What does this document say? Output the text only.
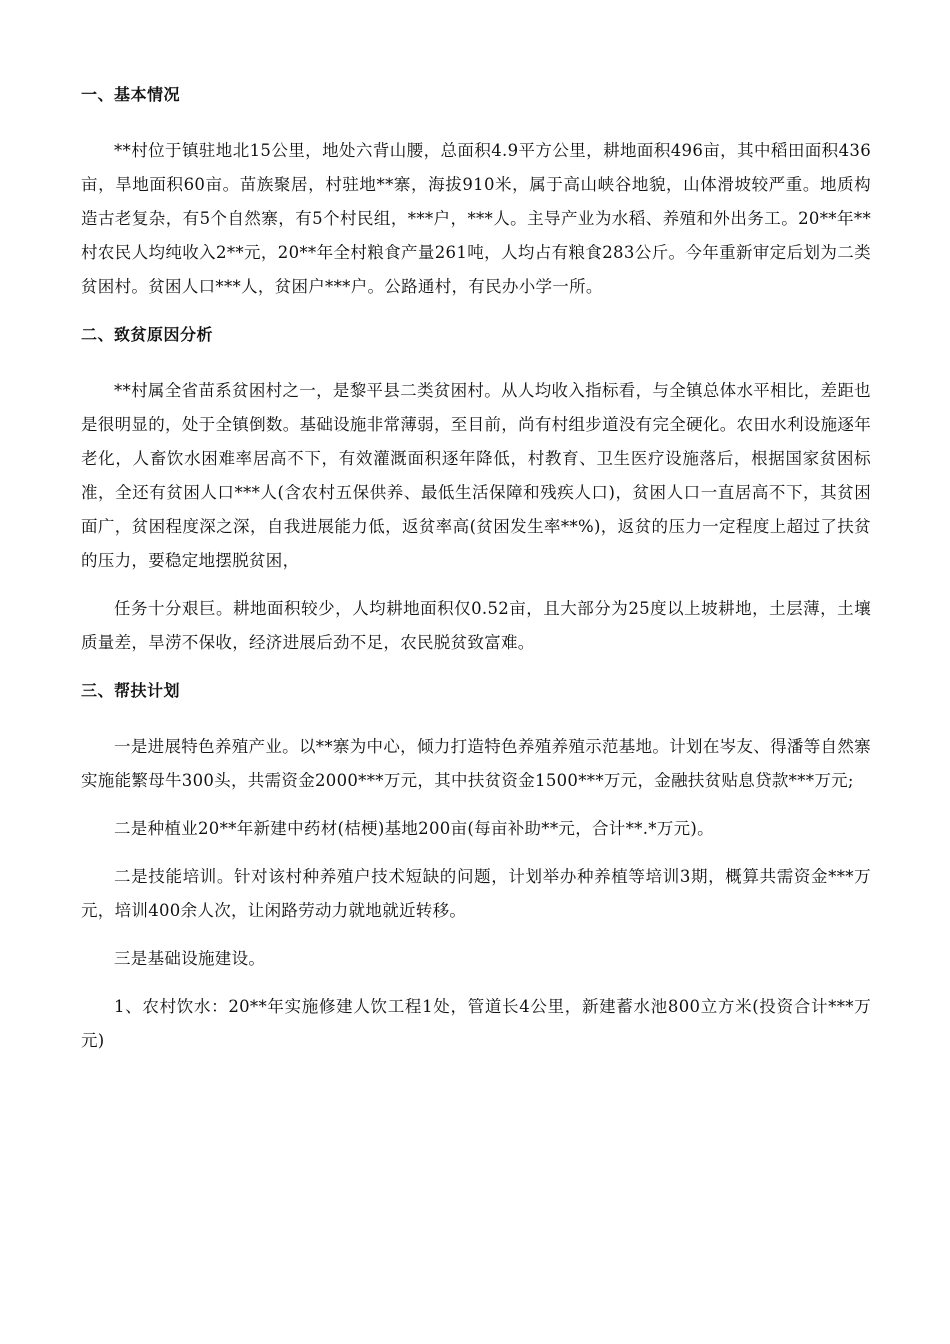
一、基本情况

**村位于镇驻地北15公里，地处六背山腰，总面积4.9平方公里，耕地面积496亩，其中稻田面积436亩，旱地面积60亩。苗族聚居，村驻地**寨，海拔910米，属于高山峡谷地貌，山体滑坡较严重。地质构造古老复杂，有5个自然寨，有5个村民组，***户，***人。主导产业为水稻、养殖和外出务工。20**年**村农民人均纯收入2**元，20**年全村粮食产量261吨，人均占有粮食283公斤。今年重新审定后划为二类贫困村。贫困人口***人，贫困户***户。公路通村，有民办小学一所。

二、致贫原因分析

**村属全省苗系贫困村之一，是黎平县二类贫困村。从人均收入指标看，与全镇总体水平相比，差距也是很明显的，处于全镇倒数。基础设施非常薄弱，至目前，尚有村组步道没有完全硬化。农田水利设施逐年老化，人畜饮水困难率居高不下，有效灌溉面积逐年降低，村教育、卫生医疗设施落后，根据国家贫困标准，全还有贫困人口***人(含农村五保供养、最低生活保障和残疾人口)，贫困人口一直居高不下，其贫困面广，贫困程度深之深，自我进展能力低，返贫率高(贫困发生率**%)，返贫的压力一定程度上超过了扶贫的压力，要稳定地摆脱贫困，

任务十分艰巨。耕地面积较少，人均耕地面积仅0.52亩，且大部分为25度以上坡耕地，土层薄，土壤质量差，旱涝不保收，经济进展后劲不足，农民脱贫致富难。

三、帮扶计划

一是进展特色养殖产业。以**寨为中心，倾力打造特色养殖养殖示范基地。计划在岑友、得潘等自然寨实施能繁母牛300头，共需资金2000***万元，其中扶贫资金1500***万元，金融扶贫贴息贷款***万元;

二是种植业20**年新建中药材(桔梗)基地200亩(每亩补助**元，合计**.*万元)。

二是技能培训。针对该村种养殖户技术短缺的问题，计划举办种养植等培训3期，概算共需资金***万元，培训400余人次，让闲路劳动力就地就近转移。

三是基础设施建设。

1、农村饮水：20**年实施修建人饮工程1处，管道长4公里，新建蓄水池800立方米(投资合计***万元)
